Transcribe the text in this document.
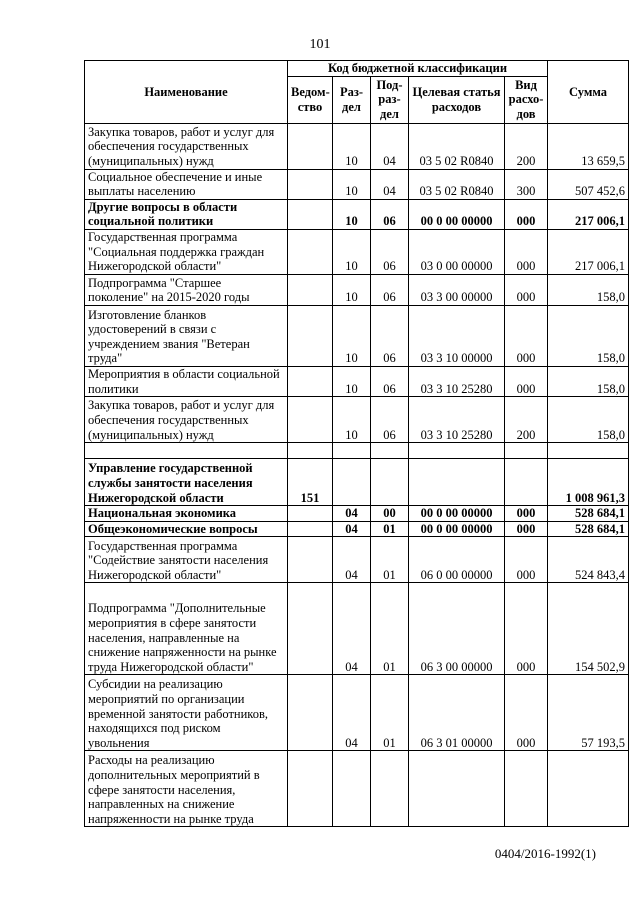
101
Наименование	Код бюджетной классификации					Сумма
	Ведом-ство	Раз-дел	Под-раз-дел	Целевая статья расходов	Вид расхо-дов	
Закупка товаров, работ и услуг для обеспечения государственных (муниципальных) нужд		10	04	03 5 02 R0840	200	13 659,5
Социальное обеспечение и иные выплаты населению		10	04	03 5 02 R0840	300	507 452,6
Другие вопросы в области социальной политики		10	06	00 0 00 00000	000	217 006,1
Государственная программа "Социальная поддержка граждан Нижегородской области"		10	06	03 0 00 00000	000	217 006,1
Подпрограмма "Старшее поколение" на 2015-2020 годы		10	06	03 3 00 00000	000	158,0
Изготовление бланков удостоверений в связи с учреждением звания "Ветеран труда"		10	06	03 3 10 00000	000	158,0
Мероприятия в области социальной политики		10	06	03 3 10 25280	000	158,0
Закупка товаров, работ и услуг для обеспечения государственных (муниципальных) нужд		10	06	03 3 10 25280	200	158,0

Управление государственной службы занятости населения Нижегородской области	151					1 008 961,3
Национальная экономика		04	00	00 0 00 00000	000	528 684,1
Общеэкономические вопросы		04	01	00 0 00 00000	000	528 684,1
Государственная программа "Содействие занятости населения Нижегородской области"		04	01	06 0 00 00000	000	524 843,4
Подпрограмма "Дополнительные мероприятия в сфере занятости населения, направленные на снижение напряженности на рынке труда Нижегородской области"		04	01	06 3 00 00000	000	154 502,9
Субсидии на реализацию мероприятий по организации временной занятости работников, находящихся под риском увольнения		04	01	06 3 01 00000	000	57 193,5
Расходы на реализацию дополнительных мероприятий в сфере занятости населения, направленных на снижение напряженности на рынке труда						
0404/2016-1992(1)
